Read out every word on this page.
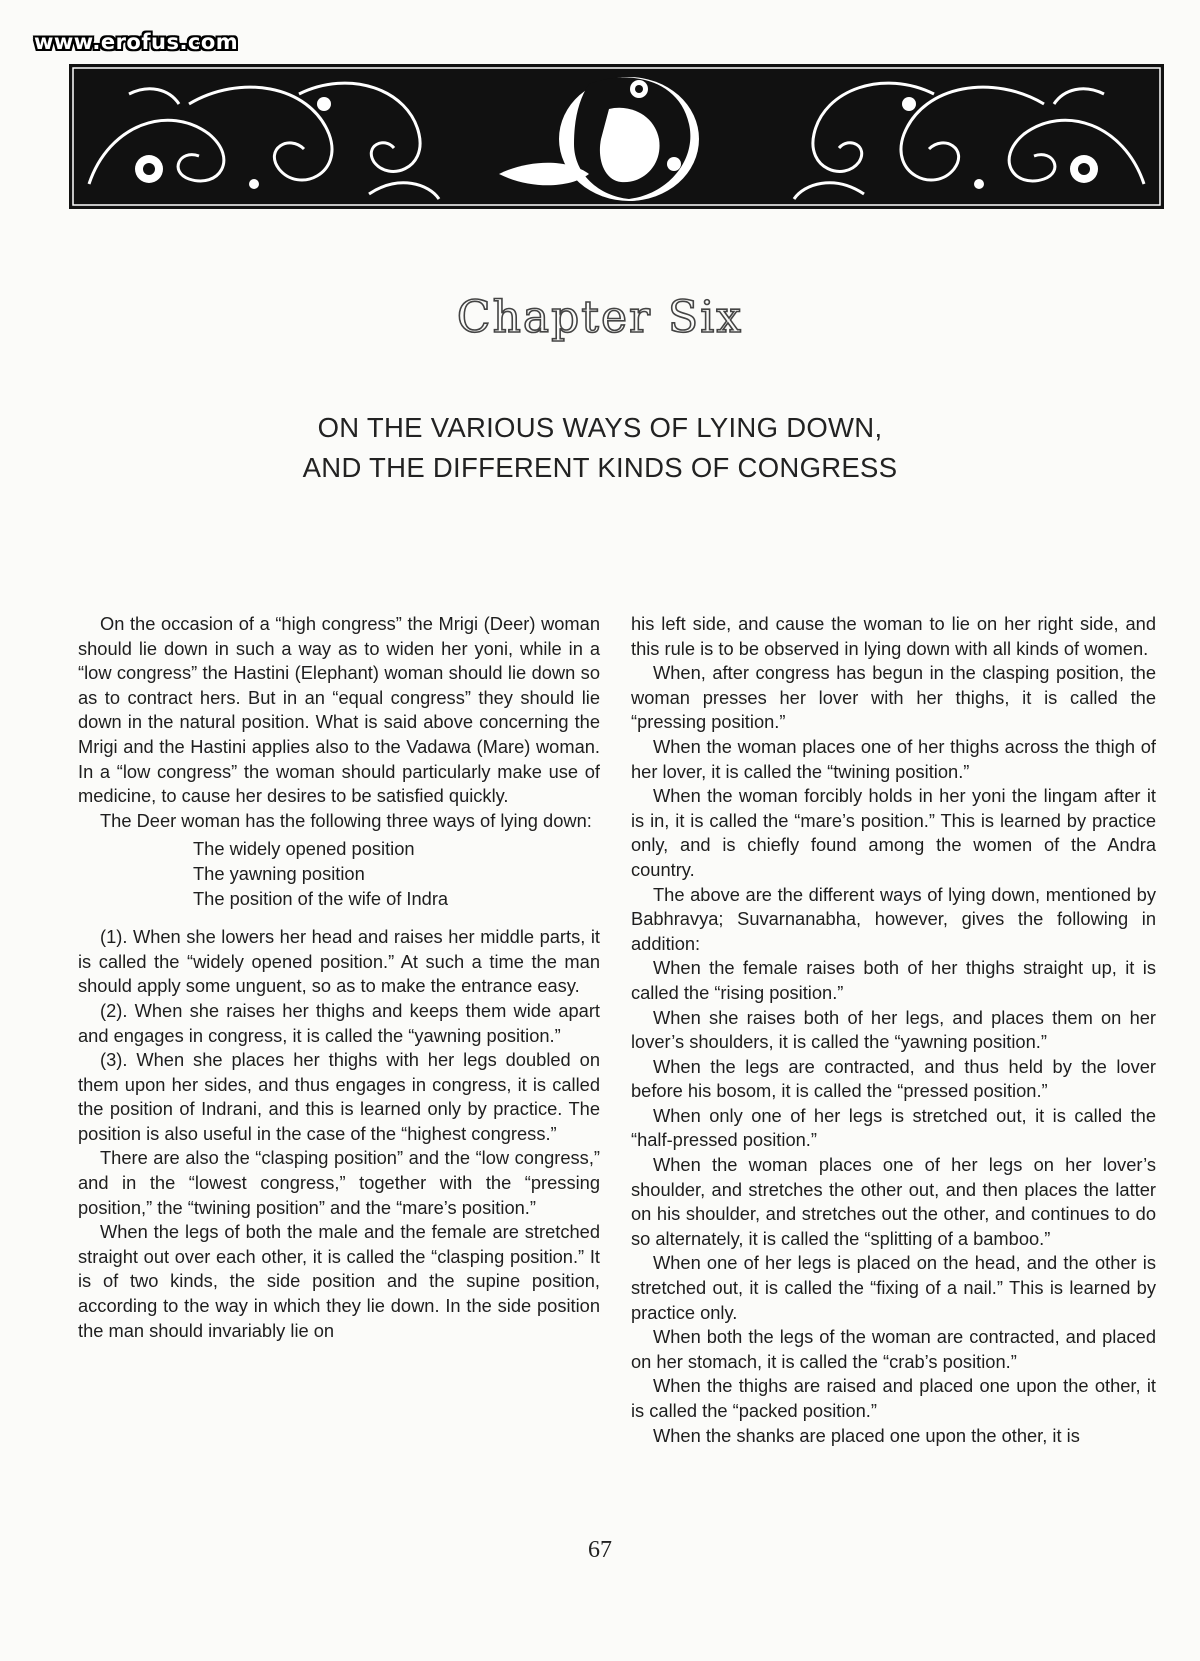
www.erofus.com
Chapter Six
ON THE VARIOUS WAYS OF LYING DOWN,
AND THE DIFFERENT KINDS OF CONGRESS

On the occasion of a “high congress” the Mrigi (Deer) woman should lie down in such a way as to widen her yoni, while in a “low congress” the Hastini (Elephant) woman should lie down so as to contract hers. But in an “equal congress” they should lie down in the natural position. What is said above concerning the Mrigi and the Hastini applies also to the Vadawa (Mare) woman. In a “low congress” the woman should particularly make use of medicine, to cause her desires to be satisfied quickly.

The Deer woman has the following three ways of lying down:

The widely opened position
The yawning position
The position of the wife of Indra

(1). When she lowers her head and raises her middle parts, it is called the “widely opened position.” At such a time the man should apply some unguent, so as to make the entrance easy.

(2). When she raises her thighs and keeps them wide apart and engages in congress, it is called the “yawning position.”

(3). When she places her thighs with her legs doubled on them upon her sides, and thus engages in congress, it is called the position of Indrani, and this is learned only by practice. The position is also useful in the case of the “highest congress.”

There are also the “clasping position” and the “low congress,” and in the “lowest congress,” together with the “pressing position,” the “twining position” and the “mare’s position.”

When the legs of both the male and the female are stretched straight out over each other, it is called the “clasping position.” It is of two kinds, the side position and the supine position, according to the way in which they lie down. In the side position the man should invariably lie on

his left side, and cause the woman to lie on her right side, and this rule is to be observed in lying down with all kinds of women.

When, after congress has begun in the clasping position, the woman presses her lover with her thighs, it is called the “pressing position.”

When the woman places one of her thighs across the thigh of her lover, it is called the “twining position.”

When the woman forcibly holds in her yoni the lingam after it is in, it is called the “mare’s position.” This is learned by practice only, and is chiefly found among the women of the Andra country.

The above are the different ways of lying down, mentioned by Babhravya; Suvarnanabha, however, gives the following in addition:

When the female raises both of her thighs straight up, it is called the “rising position.”

When she raises both of her legs, and places them on her lover’s shoulders, it is called the “yawning position.”

When the legs are contracted, and thus held by the lover before his bosom, it is called the “pressed position.”

When only one of her legs is stretched out, it is called the “half-pressed position.”

When the woman places one of her legs on her lover’s shoulder, and stretches the other out, and then places the latter on his shoulder, and stretches out the other, and continues to do so alternately, it is called the “splitting of a bamboo.”

When one of her legs is placed on the head, and the other is stretched out, it is called the “fixing of a nail.” This is learned by practice only.

When both the legs of the woman are contracted, and placed on her stomach, it is called the “crab’s position.”

When the thighs are raised and placed one upon the other, it is called the “packed position.”

When the shanks are placed one upon the other, it is

67
